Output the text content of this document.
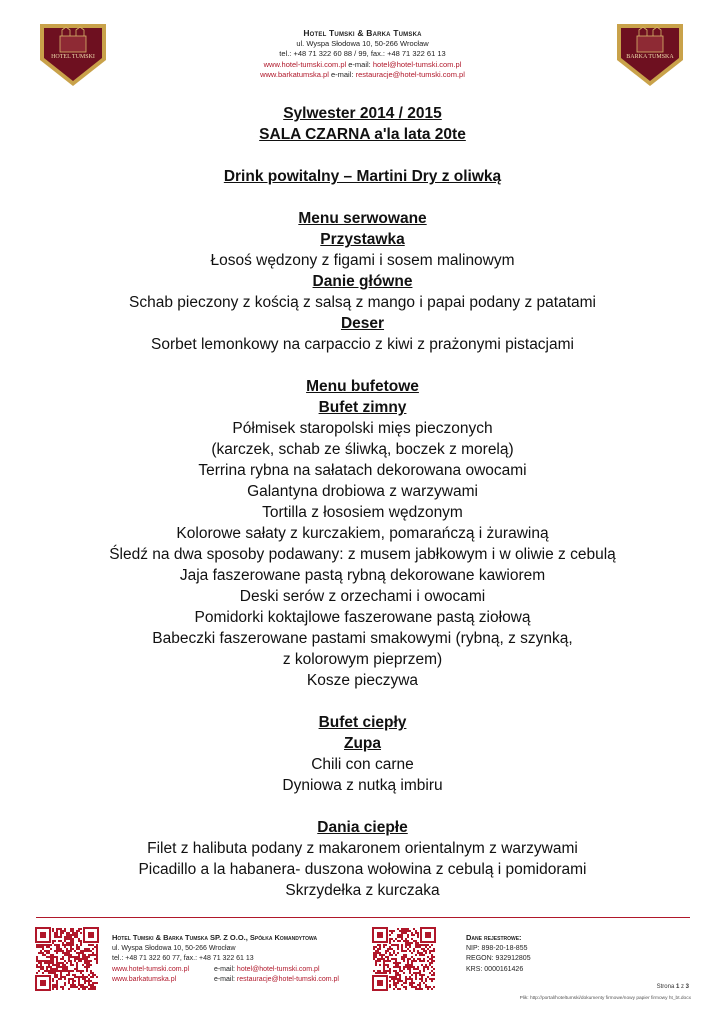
HOTEL TUMSKI	BARKA TUMSKA
Hotel Tumski & Barka Tumska
ul. Wyspa Słodowa 10, 50-266 Wrocław
tel.: +48 71 322 60 88 / 99, fax.: +48 71 322 61 13
www.hotel-tumski.com.pl e-mail: hotel@hotel-tumski.com.pl
www.barkatumska.pl e-mail: restauracje@hotel-tumski.com.pl
Sylwester 2014 / 2015
SALA CZARNA a'la lata 20te
Drink powitalny – Martini Dry z oliwką
Menu serwowane
Przystawka
Łosoś wędzony z figami i sosem malinowym
Danie główne
Schab pieczony z kością z salsą z mango i papai podany z patatami
Deser
Sorbet lemonkowy na carpaccio z kiwi z prażonymi pistacjami
Menu bufetowe
Bufet zimny
Półmisek staropolski mięs pieczonych
(karczek, schab ze śliwką, boczek z morelą)
Terrina rybna na sałatach dekorowana owocami
Galantyna drobiowa z warzywami
Tortilla z łososiem wędzonym
Kolorowe sałaty z kurczakiem, pomarańczą i żurawiną
Śledź na dwa sposoby podawany: z musem jabłkowym i w oliwie z cebulą
Jaja faszerowane pastą rybną dekorowane kawiorem
Deski serów z orzechami i owocami
Pomidorki koktajlowe faszerowane pastą ziołową
Babeczki faszerowane pastami smakowymi (rybną, z szynką,
z kolorowym pieprzem)
Kosze pieczywa
Bufet ciepły
Zupa
Chili con carne
Dyniowa z nutką imbiru
Dania ciepłe
Filet z halibuta podany z makaronem orientalnym z warzywami
Picadillo a la habanera- duszona wołowina z cebulą i pomidorami
Skrzydełka z kurczaka
Hotel Tumski & Barka Tumska SP. Z O.O., Spółka Komandytowa
ul. Wyspa Słodowa 10, 50-266 Wrocław
tel.: +48 71 322 60 77, fax.: +48 71 322 61 13
www.hotel-tumski.com.pl	e-mail: hotel@hotel-tumski.com.pl
www.barkatumska.pl	e-mail: restauracje@hotel-tumski.com.pl
Dane rejestrowe:
NIP: 898-20-18-855
REGON: 932912805
KRS: 0000161426
Strona 1 z 3
Plik: http://portal/hoteltumski/dokumenty firmowe/nowy papier firmowy ht_bt.docx
